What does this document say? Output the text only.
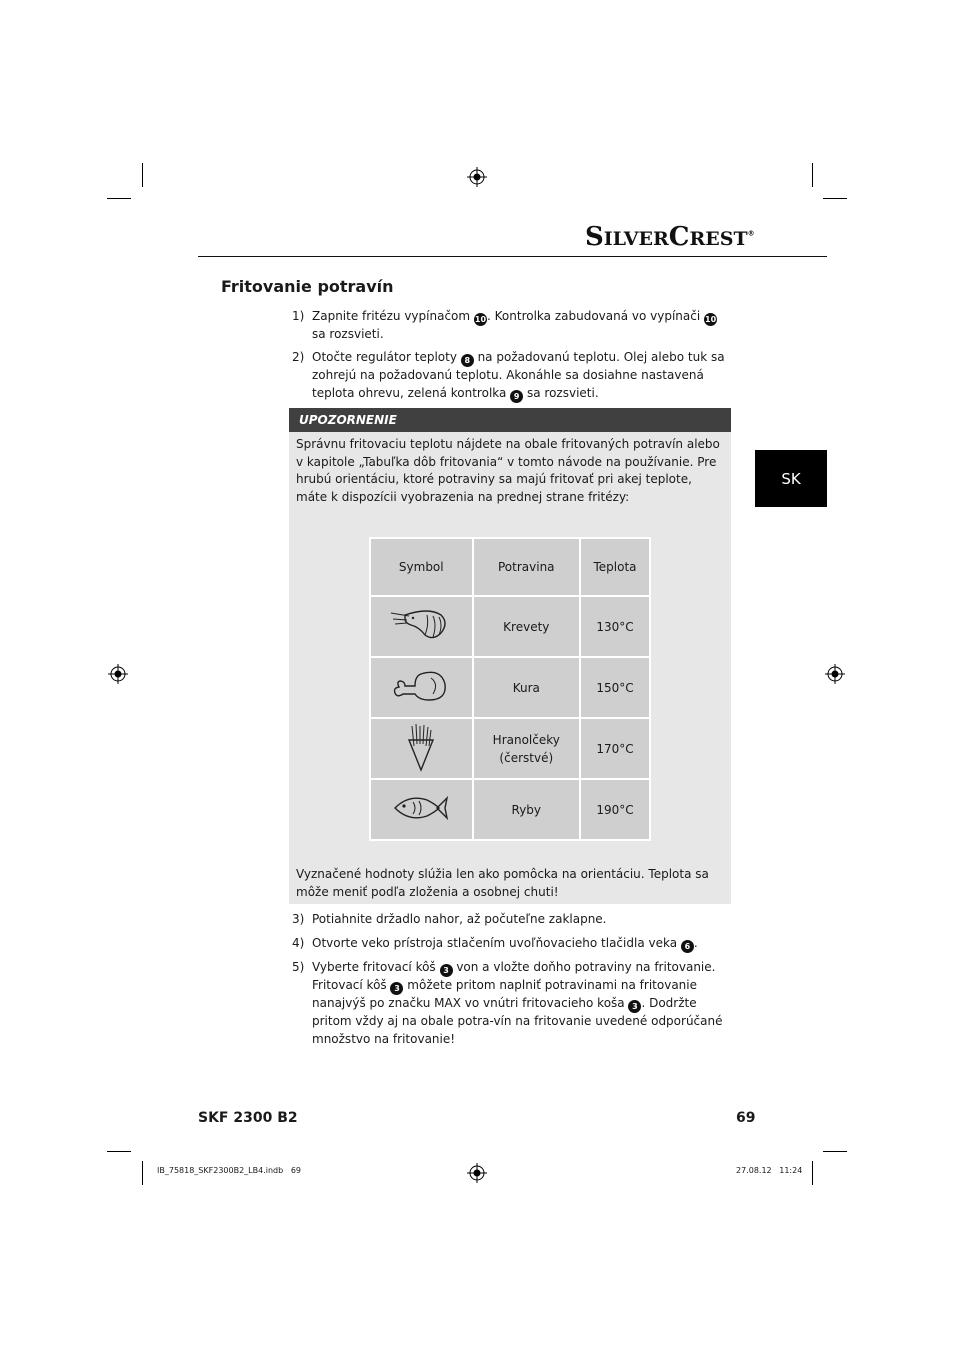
SILVERCREST®
Fritovanie potravín
SK
1) Zapnite fritézu vypínačom 10. Kontrolka zabudovaná vo vypínači 10 sa rozsvieti.
2) Otočte regulátor teploty 8 na požadovanú teplotu. Olej alebo tuk sa zohrejú na požadovanú teplotu. Akonáhle sa dosiahne nastavená teplota ohrevu, zelená kontrolka 9 sa rozsvieti.
UPOZORNENIE
Správnu fritovaciu teplotu nájdete na obale fritovaných potravín alebo v kapitole „Tabuľka dôb fritovania“ v tomto návode na používanie. Pre hrubú orientáciu, ktoré potraviny sa majú fritovať pri akej teplote, máte k dispozícii vyobrazenia na prednej strane fritézy:
Symbol	Potravina	Teplota
	Krevety	130°C
	Kura	150°C
	Hranolčeky
(čerstvé)	170°C
	Ryby	190°C
Vyznačené hodnoty slúžia len ako pomôcka na orientáciu. Teplota sa môže meniť podľa zloženia a osobnej chuti!
3) Potiahnite držadlo nahor, až počuteľne zaklapne.
4) Otvorte veko prístroja stlačením uvoľňovacieho tlačidla veka 6 .
5) Vyberte fritovací kôš 3 von a vložte doňho potraviny na fritovanie. Fritovací kôš 3 môžete pritom naplniť potravinami na fritovanie nanajvýš po značku MAX vo vnútri fritovacieho koša 3 . Dodržte pritom vždy aj na obale potra-vín na fritovanie uvedené odporúčané množstvo na fritovanie!
SKF 2300 B2	69
IB_75818_SKF2300B2_LB4.indb   69	27.08.12   11:24
